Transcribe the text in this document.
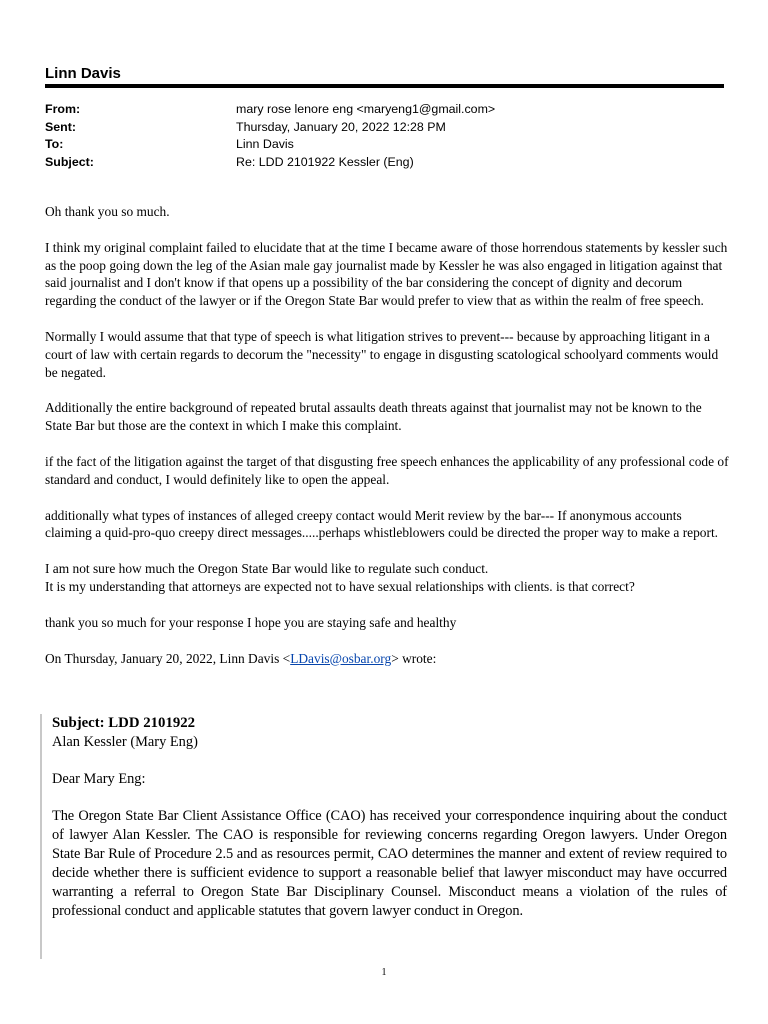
Linn Davis
From:	mary rose lenore eng <maryeng1@gmail.com>
Sent:	Thursday, January 20, 2022 12:28 PM
To:	Linn Davis
Subject:	Re: LDD 2101922 Kessler (Eng)

Oh thank you so much.

I think my original complaint failed to elucidate that at the time I became aware of those horrendous statements by kessler such as the poop going down the leg of the Asian male gay journalist made by Kessler he was also engaged in litigation against that said journalist and I don't know if that opens up a possibility of the bar considering the concept of dignity and decorum regarding the conduct of the lawyer or if the Oregon State Bar would prefer to view that as within the realm of free speech.

Normally I would assume that that type of speech is what litigation strives to prevent--- because by approaching litigant in a court of law with certain regards to decorum the "necessity" to engage in disgusting scatological schoolyard comments would be negated.

Additionally the entire background of repeated brutal assaults death threats against that journalist may not be known to the State Bar but those are the context in which I make this complaint.

if the fact of the litigation against the target of that disgusting free speech enhances the applicability of any professional code of standard and conduct, I would definitely like to open the appeal.

additionally what types of instances of alleged creepy contact would Merit review by the bar--- If anonymous accounts claiming a quid-pro-quo creepy direct messages.....perhaps whistleblowers could be directed the proper way to make a report.

I am not sure how much the Oregon State Bar would like to regulate such conduct.

It is my understanding that attorneys are expected not to have sexual relationships with clients. is that correct?

thank you so much for your response I hope you are staying safe and healthy

On Thursday, January 20, 2022, Linn Davis <LDavis@osbar.org> wrote:

Subject: LDD 2101922

Alan Kessler (Mary Eng)

Dear Mary Eng:

The Oregon State Bar Client Assistance Office (CAO) has received your correspondence inquiring about the conduct of lawyer Alan Kessler. The CAO is responsible for reviewing concerns regarding Oregon lawyers. Under Oregon State Bar Rule of Procedure 2.5 and as resources permit, CAO determines the manner and extent of review required to decide whether there is sufficient evidence to support a reasonable belief that lawyer misconduct may have occurred warranting a referral to Oregon State Bar Disciplinary Counsel. Misconduct means a violation of the rules of professional conduct and applicable statutes that govern lawyer conduct in Oregon.

1
